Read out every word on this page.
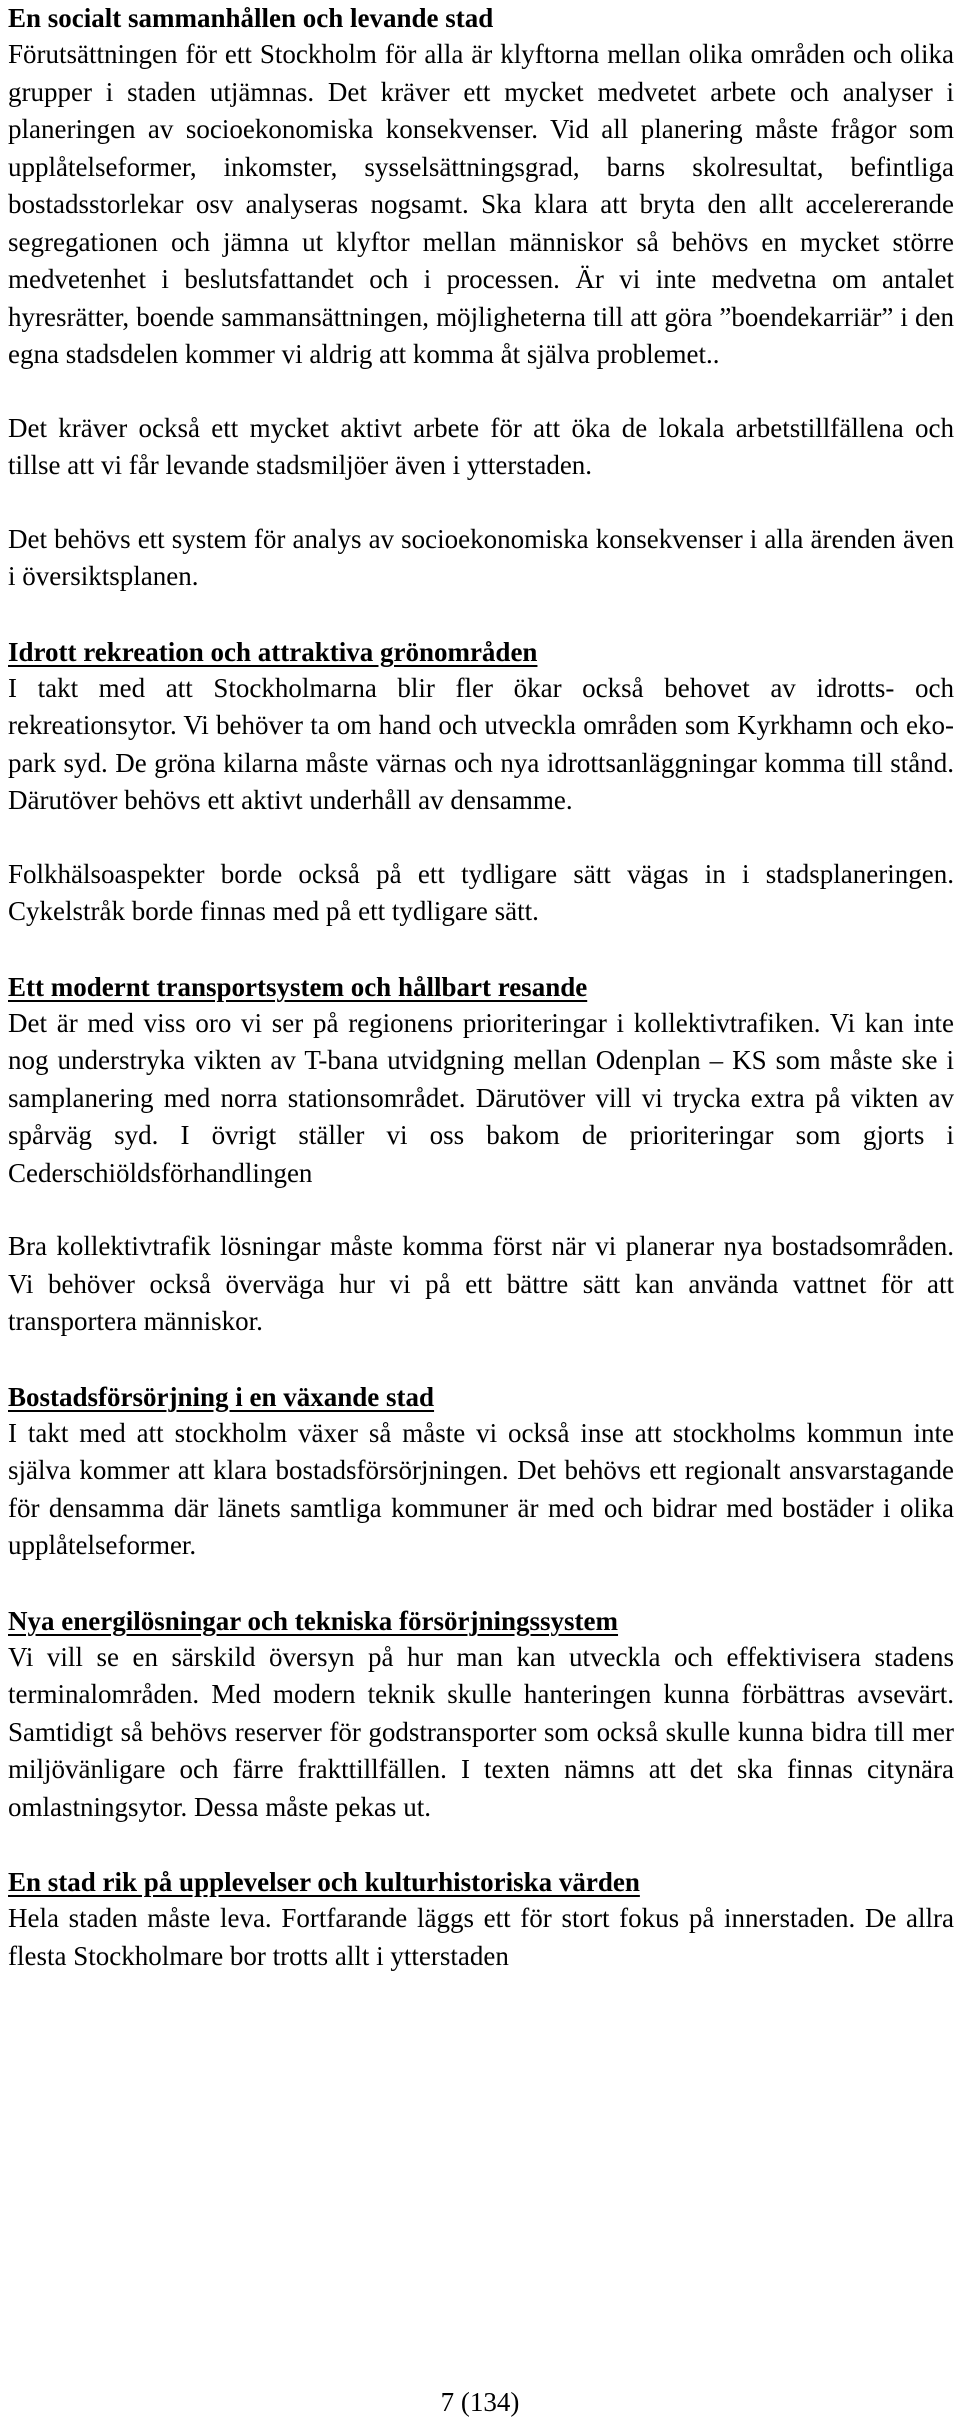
En socialt sammanhållen och levande stad

Förutsättningen för ett Stockholm för alla är klyftorna mellan olika områden och olika grupper i staden utjämnas. Det kräver ett mycket medvetet arbete och analyser i planeringen av socioekonomiska konsekvenser. Vid all planering måste frågor som upplåtelseformer, inkomster, sysselsättningsgrad, barns skolresultat, befintliga bostadsstorlekar osv analyseras nogsamt. Ska klara att bryta den allt accelererande segregationen och jämna ut klyftor mellan människor så behövs en mycket större medvetenhet i beslutsfattandet och i processen. Är vi inte medvetna om antalet hyresrätter, boende sammansättningen, möjligheterna till att göra ”boendekarriär” i den egna stadsdelen kommer vi aldrig att komma åt själva problemet..

Det kräver också ett mycket aktivt arbete för att öka de lokala arbetstillfällena och tillse att vi får levande stadsmiljöer även i ytterstaden.

Det behövs ett system för analys av socioekonomiska konsekvenser i alla ärenden även i översiktsplanen.

Idrott rekreation och attraktiva grönområden

I takt med att Stockholmarna blir fler ökar också behovet av idrotts- och rekreationsytor. Vi behöver ta om hand och utveckla områden som Kyrkhamn och eko-park syd. De gröna kilarna måste värnas och nya idrottsanläggningar komma till stånd. Därutöver behövs ett aktivt underhåll av densamme.

Folkhälsoaspekter borde också på ett tydligare sätt vägas in i stadsplaneringen. Cykelstråk borde finnas med på ett tydligare sätt.

Ett modernt transportsystem och hållbart resande

Det är med viss oro vi ser på regionens prioriteringar i kollektivtrafiken. Vi kan inte nog understryka vikten av T-bana utvidgning mellan Odenplan – KS som måste ske i samplanering med norra stationsområdet. Därutöver vill vi trycka extra på vikten av spårväg syd. I övrigt ställer vi oss bakom de prioriteringar som gjorts i Cederschiöldsförhandlingen

Bra kollektivtrafik lösningar måste komma först när vi planerar nya bostadsområden. Vi behöver också överväga hur vi på ett bättre sätt kan använda vattnet för att transportera människor.

Bostadsförsörjning i en växande stad

I takt med att stockholm växer så måste vi också inse att stockholms kommun inte själva kommer att klara bostadsförsörjningen. Det behövs ett regionalt ansvarstagande för densamma där länets samtliga kommuner är med och bidrar med bostäder i olika upplåtelseformer.

Nya energilösningar och tekniska försörjningssystem

Vi vill se en särskild översyn på hur man kan utveckla och effektivisera stadens terminalområden. Med modern teknik skulle hanteringen kunna förbättras avsevärt. Samtidigt så behövs reserver för godstransporter som också skulle kunna bidra till mer miljövänligare och färre frakttillfällen. I texten nämns att det ska finnas citynära omlastningsytor. Dessa måste pekas ut.

En stad rik på upplevelser och kulturhistoriska värden

Hela staden måste leva. Fortfarande läggs ett för stort fokus på innerstaden. De allra flesta Stockholmare bor trotts allt i ytterstaden

7 (134)
